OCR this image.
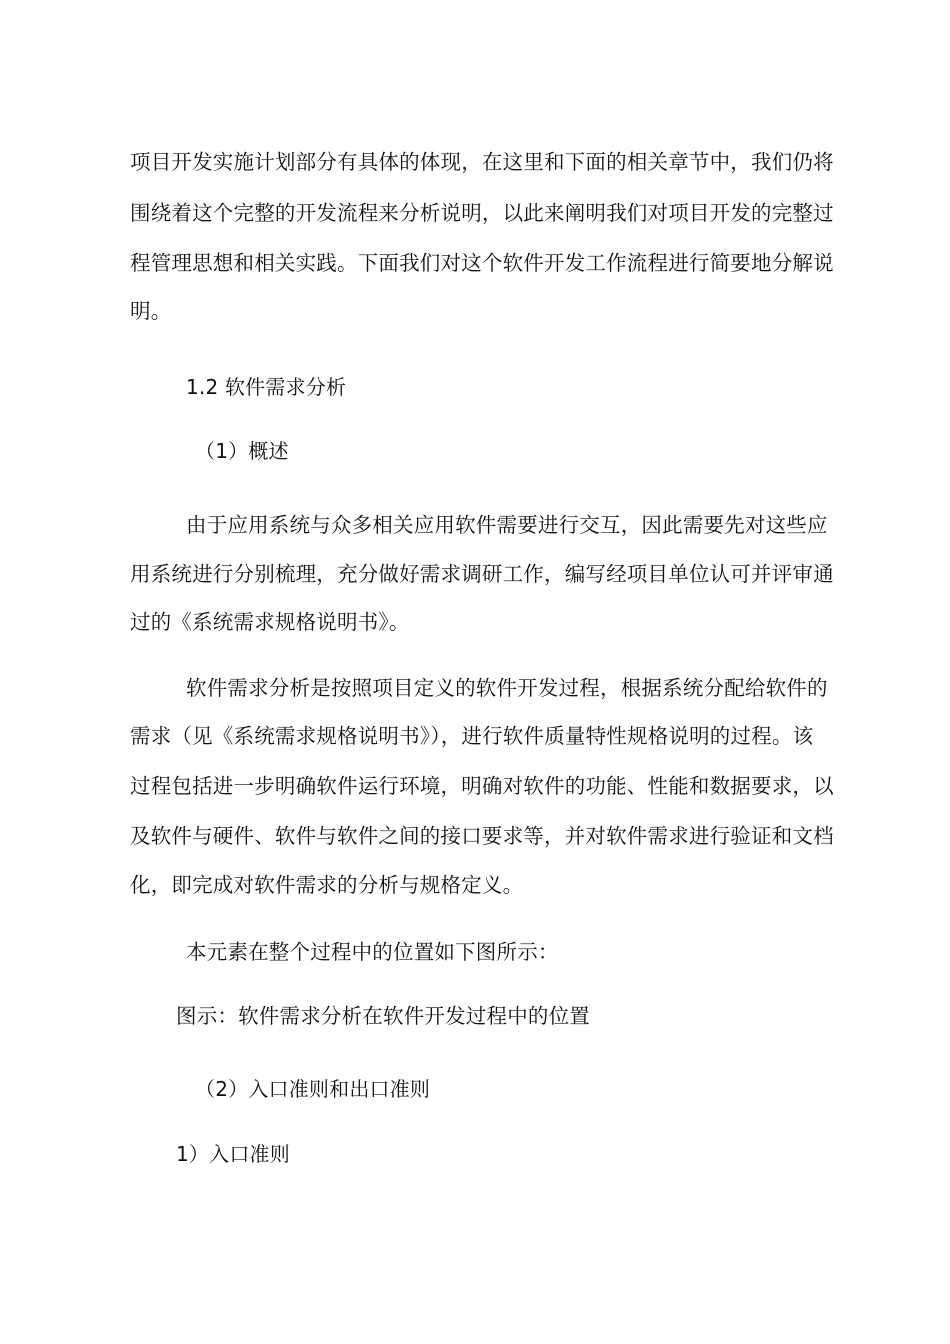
项目开发实施计划部分有具体的体现，在这里和下面的相关章节中，我们仍将
围绕着这个完整的开发流程来分析说明，以此来阐明我们对项目开发的完整过
程管理思想和相关实践。下面我们对这个软件开发工作流程进行简要地分解说
明。
1.2 软件需求分析
（1）概述
由于应用系统与众多相关应用软件需要进行交互，因此需要先对这些应
用系统进行分别梳理，充分做好需求调研工作，编写经项目单位认可并评审通
过的《系统需求规格说明书》。
软件需求分析是按照项目定义的软件开发过程，根据系统分配给软件的
需求（见《系统需求规格说明书》），进行软件质量特性规格说明的过程。该
过程包括进一步明确软件运行环境，明确对软件的功能、性能和数据要求，以
及软件与硬件、软件与软件之间的接口要求等，并对软件需求进行验证和文档
化，即完成对软件需求的分析与规格定义。
本元素在整个过程中的位置如下图所示：
图示：软件需求分析在软件开发过程中的位置
（2）入口准则和出口准则
1）入口准则
